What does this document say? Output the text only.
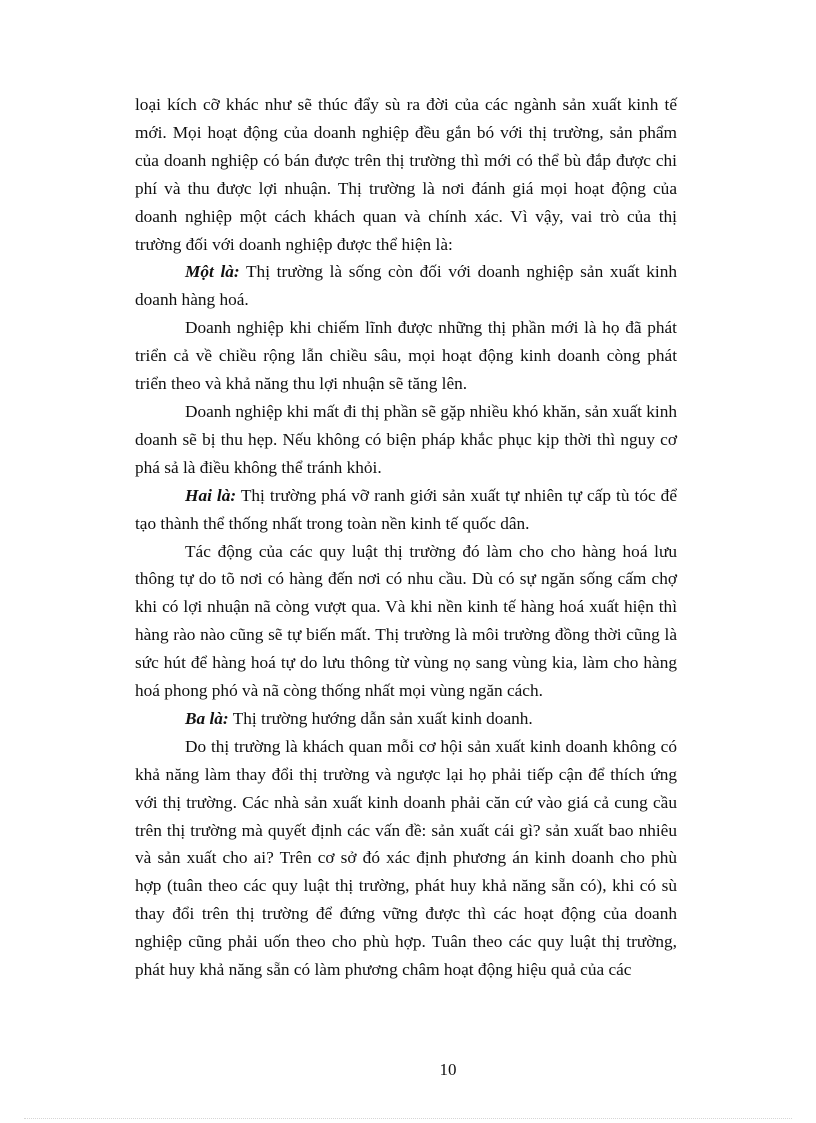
loại kích cỡ khác như sẽ thúc đẩy sù ra đời của các ngành sản xuất kinh tế mới. Mọi hoạt động của doanh nghiệp đều gắn bó với thị trường, sản phẩm của doanh nghiệp có bán được trên thị trường thì mới có thể bù đắp được chi phí và thu được lợi nhuận. Thị trường là nơi đánh giá mọi hoạt động của doanh nghiệp một cách khách quan và chính xác. Vì vậy, vai trò của thị trường đối với doanh nghiệp được thể hiện là:

Một là: Thị trường là sống còn đối với doanh nghiệp sản xuất kinh doanh hàng hoá.

Doanh nghiệp khi chiếm lĩnh được những thị phần mới là họ đã phát triển cả về chiều rộng lẫn chiều sâu, mọi hoạt động kinh doanh còng phát triển theo và khả năng thu lợi nhuận sẽ tăng lên.

Doanh nghiệp khi mất đi thị phần sẽ gặp nhiều khó khăn, sản xuất kinh doanh sẽ bị thu hẹp. Nếu không có biện pháp khắc phục kịp thời thì nguy cơ phá sả là điều không thể tránh khỏi.

Hai là: Thị trường phá vỡ ranh giới sản xuất tự nhiên tự cấp tù tóc để tạo thành thể thống nhất trong toàn nền kinh tế quốc dân.

Tác động của các quy luật thị trường đó làm cho cho hàng hoá lưu thông tự do tõ nơi có hàng đến nơi có nhu cầu. Dù có sự ngăn sống cấm chợ khi có lợi nhuận nã còng vượt qua. Và khi nền kinh tế hàng hoá xuất hiện thì hàng rào nào cũng sẽ tự biến mất. Thị trường là môi trường đồng thời cũng là sức hút để hàng hoá tự do lưu thông từ vùng nọ sang vùng kia, làm cho hàng hoá phong phó và nã còng thống nhất mọi vùng ngăn cách.

Ba là: Thị trường hướng dẫn sản xuất kinh doanh.

Do thị trường là khách quan mỗi cơ hội sản xuất kinh doanh không có khả năng làm thay đổi thị trường và ngược lại họ phải tiếp cận để thích ứng với thị trường. Các nhà sản xuất kinh doanh phải căn cứ vào giá cả cung cầu trên thị trường mà quyết định các vấn đề: sản xuất cái gì? sản xuất bao nhiêu và sản xuất cho ai? Trên cơ sở đó xác định phương án kinh doanh cho phù hợp (tuân theo các quy luật thị trường, phát huy khả năng sẵn có), khi có sù thay đổi trên thị trường để đứng vững được thì các hoạt động của doanh nghiệp cũng phải uốn theo cho phù hợp. Tuân theo các quy luật thị trường, phát huy khả năng sẵn có làm phương châm hoạt động hiệu quả của các

10
